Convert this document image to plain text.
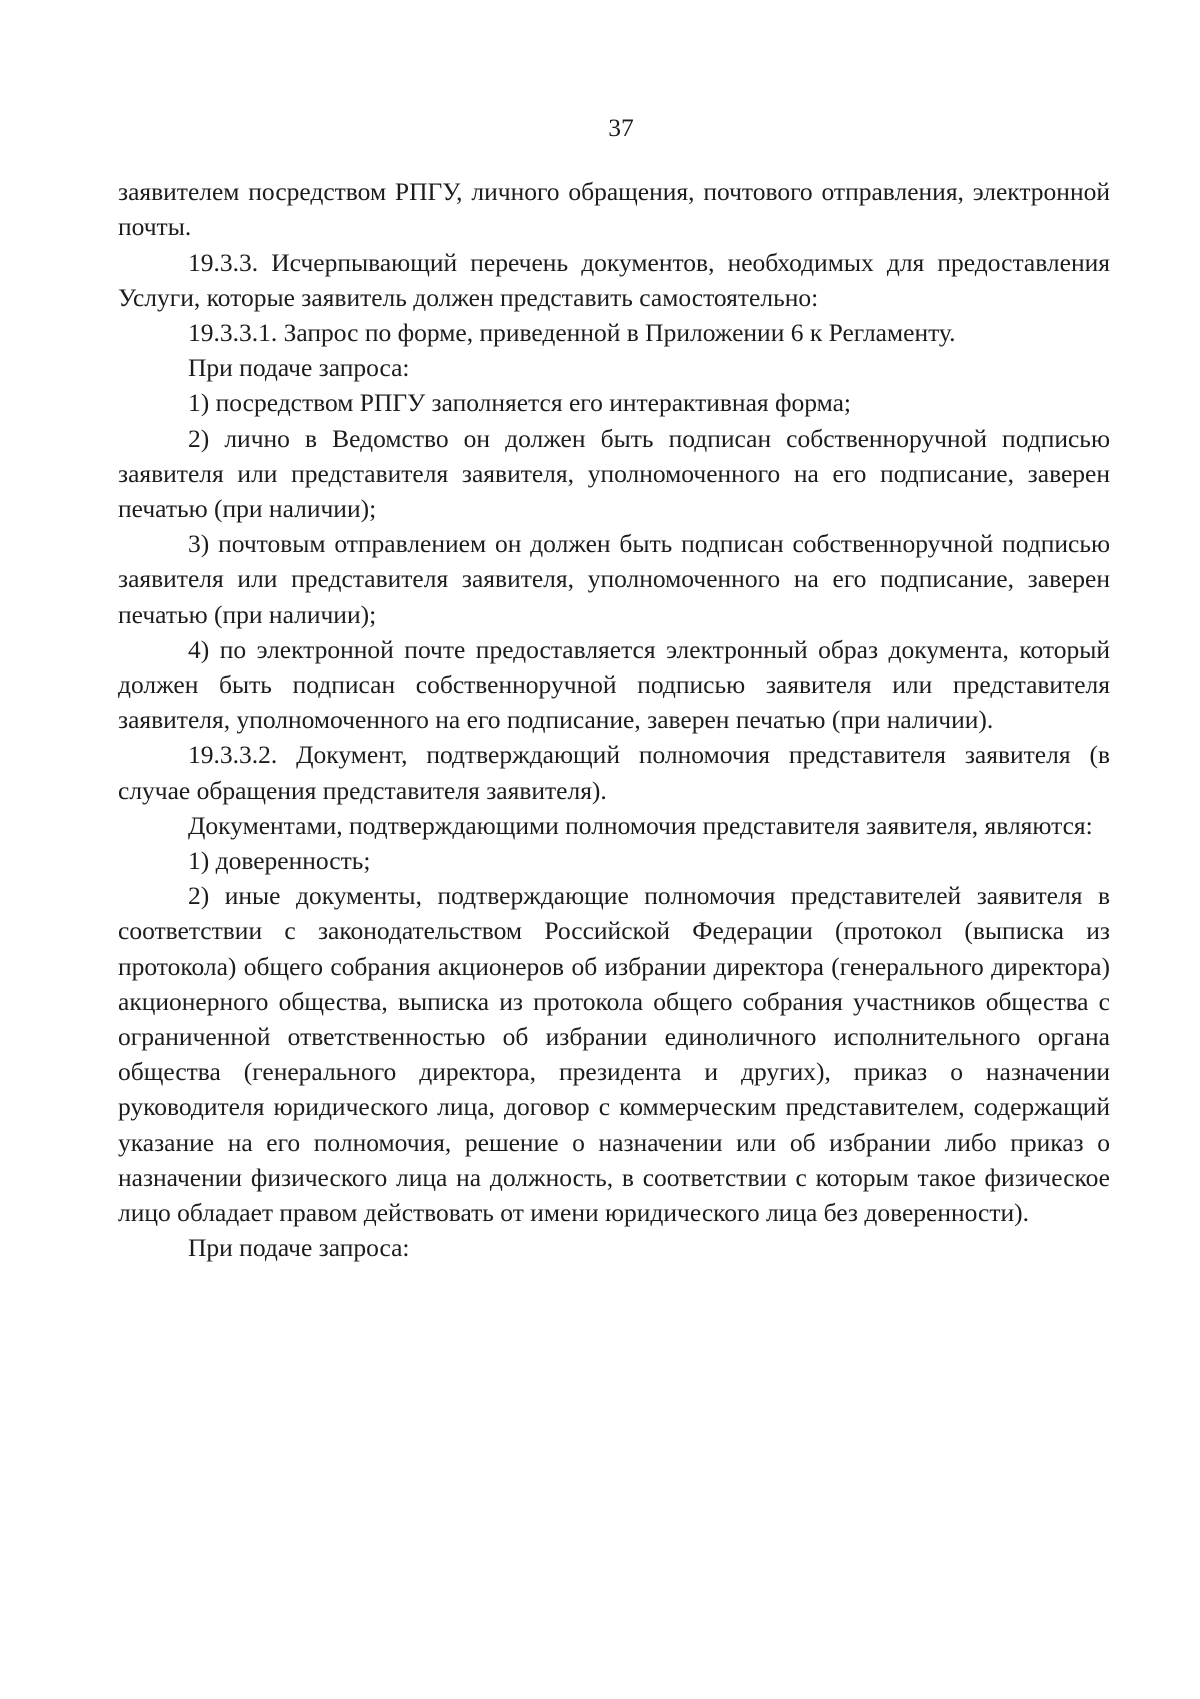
37

заявителем посредством РПГУ, личного обращения, почтового отправления, электронной почты.

19.3.3. Исчерпывающий перечень документов, необходимых для предоставления Услуги, которые заявитель должен представить самостоятельно:

19.3.3.1. Запрос по форме, приведенной в Приложении 6 к Регламенту.

При подаче запроса:

1) посредством РПГУ заполняется его интерактивная форма;

2) лично в Ведомство он должен быть подписан собственноручной подписью заявителя или представителя заявителя, уполномоченного на его подписание, заверен печатью (при наличии);

3) почтовым отправлением он должен быть подписан собственноручной подписью заявителя или представителя заявителя, уполномоченного на его подписание, заверен печатью (при наличии);

4) по электронной почте предоставляется электронный образ документа, который должен быть подписан собственноручной подписью заявителя или представителя заявителя, уполномоченного на его подписание, заверен печатью (при наличии).

19.3.3.2. Документ, подтверждающий полномочия представителя заявителя (в случае обращения представителя заявителя).

Документами, подтверждающими полномочия представителя заявителя, являются:

1) доверенность;

2) иные документы, подтверждающие полномочия представителей заявителя в соответствии с законодательством Российской Федерации (протокол (выписка из протокола) общего собрания акционеров об избрании директора (генерального директора) акционерного общества, выписка из протокола общего собрания участников общества с ограниченной ответственностью об избрании единоличного исполнительного органа общества (генерального директора, президента и других), приказ о назначении руководителя юридического лица, договор с коммерческим представителем, содержащий указание на его полномочия, решение о назначении или об избрании либо приказ о назначении физического лица на должность, в соответствии с которым такое физическое лицо обладает правом действовать от имени юридического лица без доверенности).

При подаче запроса:
